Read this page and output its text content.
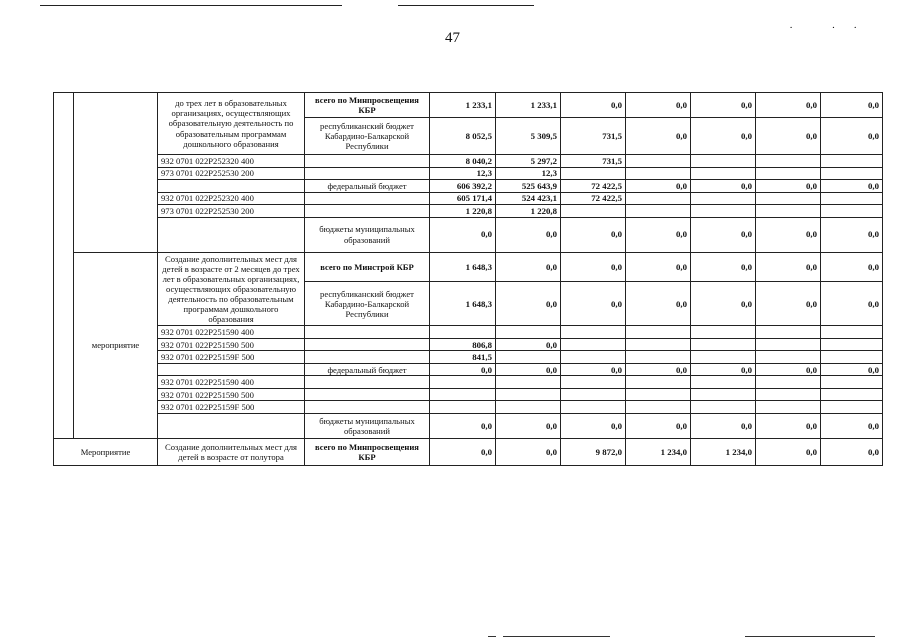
47
· ··
		до трех лет в образовательных организациях, осуществляющих образовательную деятельность по образовательным программам дошкольного образования	всего по Минпросвещения КБР	1 233,1	1 233,1	0,0	0,0	0,0	0,0	0,0
			республиканский бюджет Кабардино-Балкарской Республики	8 052,5	5 309,5	731,5	0,0	0,0	0,0	0,0
		932 0701 022P252320 400		8 040,2	5 297,2	731,5				
		973 0701 022P252530 200		12,3	12,3					
			федеральный бюджет	606 392,2	525 643,9	72 422,5	0,0	0,0	0,0	0,0
		932 0701 022P252320 400		605 171,4	524 423,1	72 422,5				
		973 0701 022P252530 200		1 220,8	1 220,8					
			бюджеты муниципальных образований	0,0	0,0	0,0	0,0	0,0	0,0	0,0
	мероприятие	Создание дополнительных мест для детей в возрасте от 2 месяцев до трех лет в образовательных организациях, осуществляющих образовательную деятельность по образовательным программам дошкольного образования	всего по Минстрой КБР	1 648,3	0,0	0,0	0,0	0,0	0,0	0,0
			республиканский бюджет Кабардино-Балкарской Республики	1 648,3	0,0	0,0	0,0	0,0	0,0	0,0
		932 0701 022P251590 400								
		932 0701 022P251590 500		806,8	0,0					
		932 0701 022P25159F 500		841,5						
			федеральный бюджет	0,0	0,0	0,0	0,0	0,0	0,0	0,0
		932 0701 022P251590 400								
		932 0701 022P251590 500								
		932 0701 022P25159F 500								
			бюджеты муниципальных образований	0,0	0,0	0,0	0,0	0,0	0,0	0,0
Мероприятие		Создание дополнительных мест для детей в возрасте от полутора	всего по Минпросвещения КБР	0,0	0,0	9 872,0	1 234,0	1 234,0	0,0	0,0
